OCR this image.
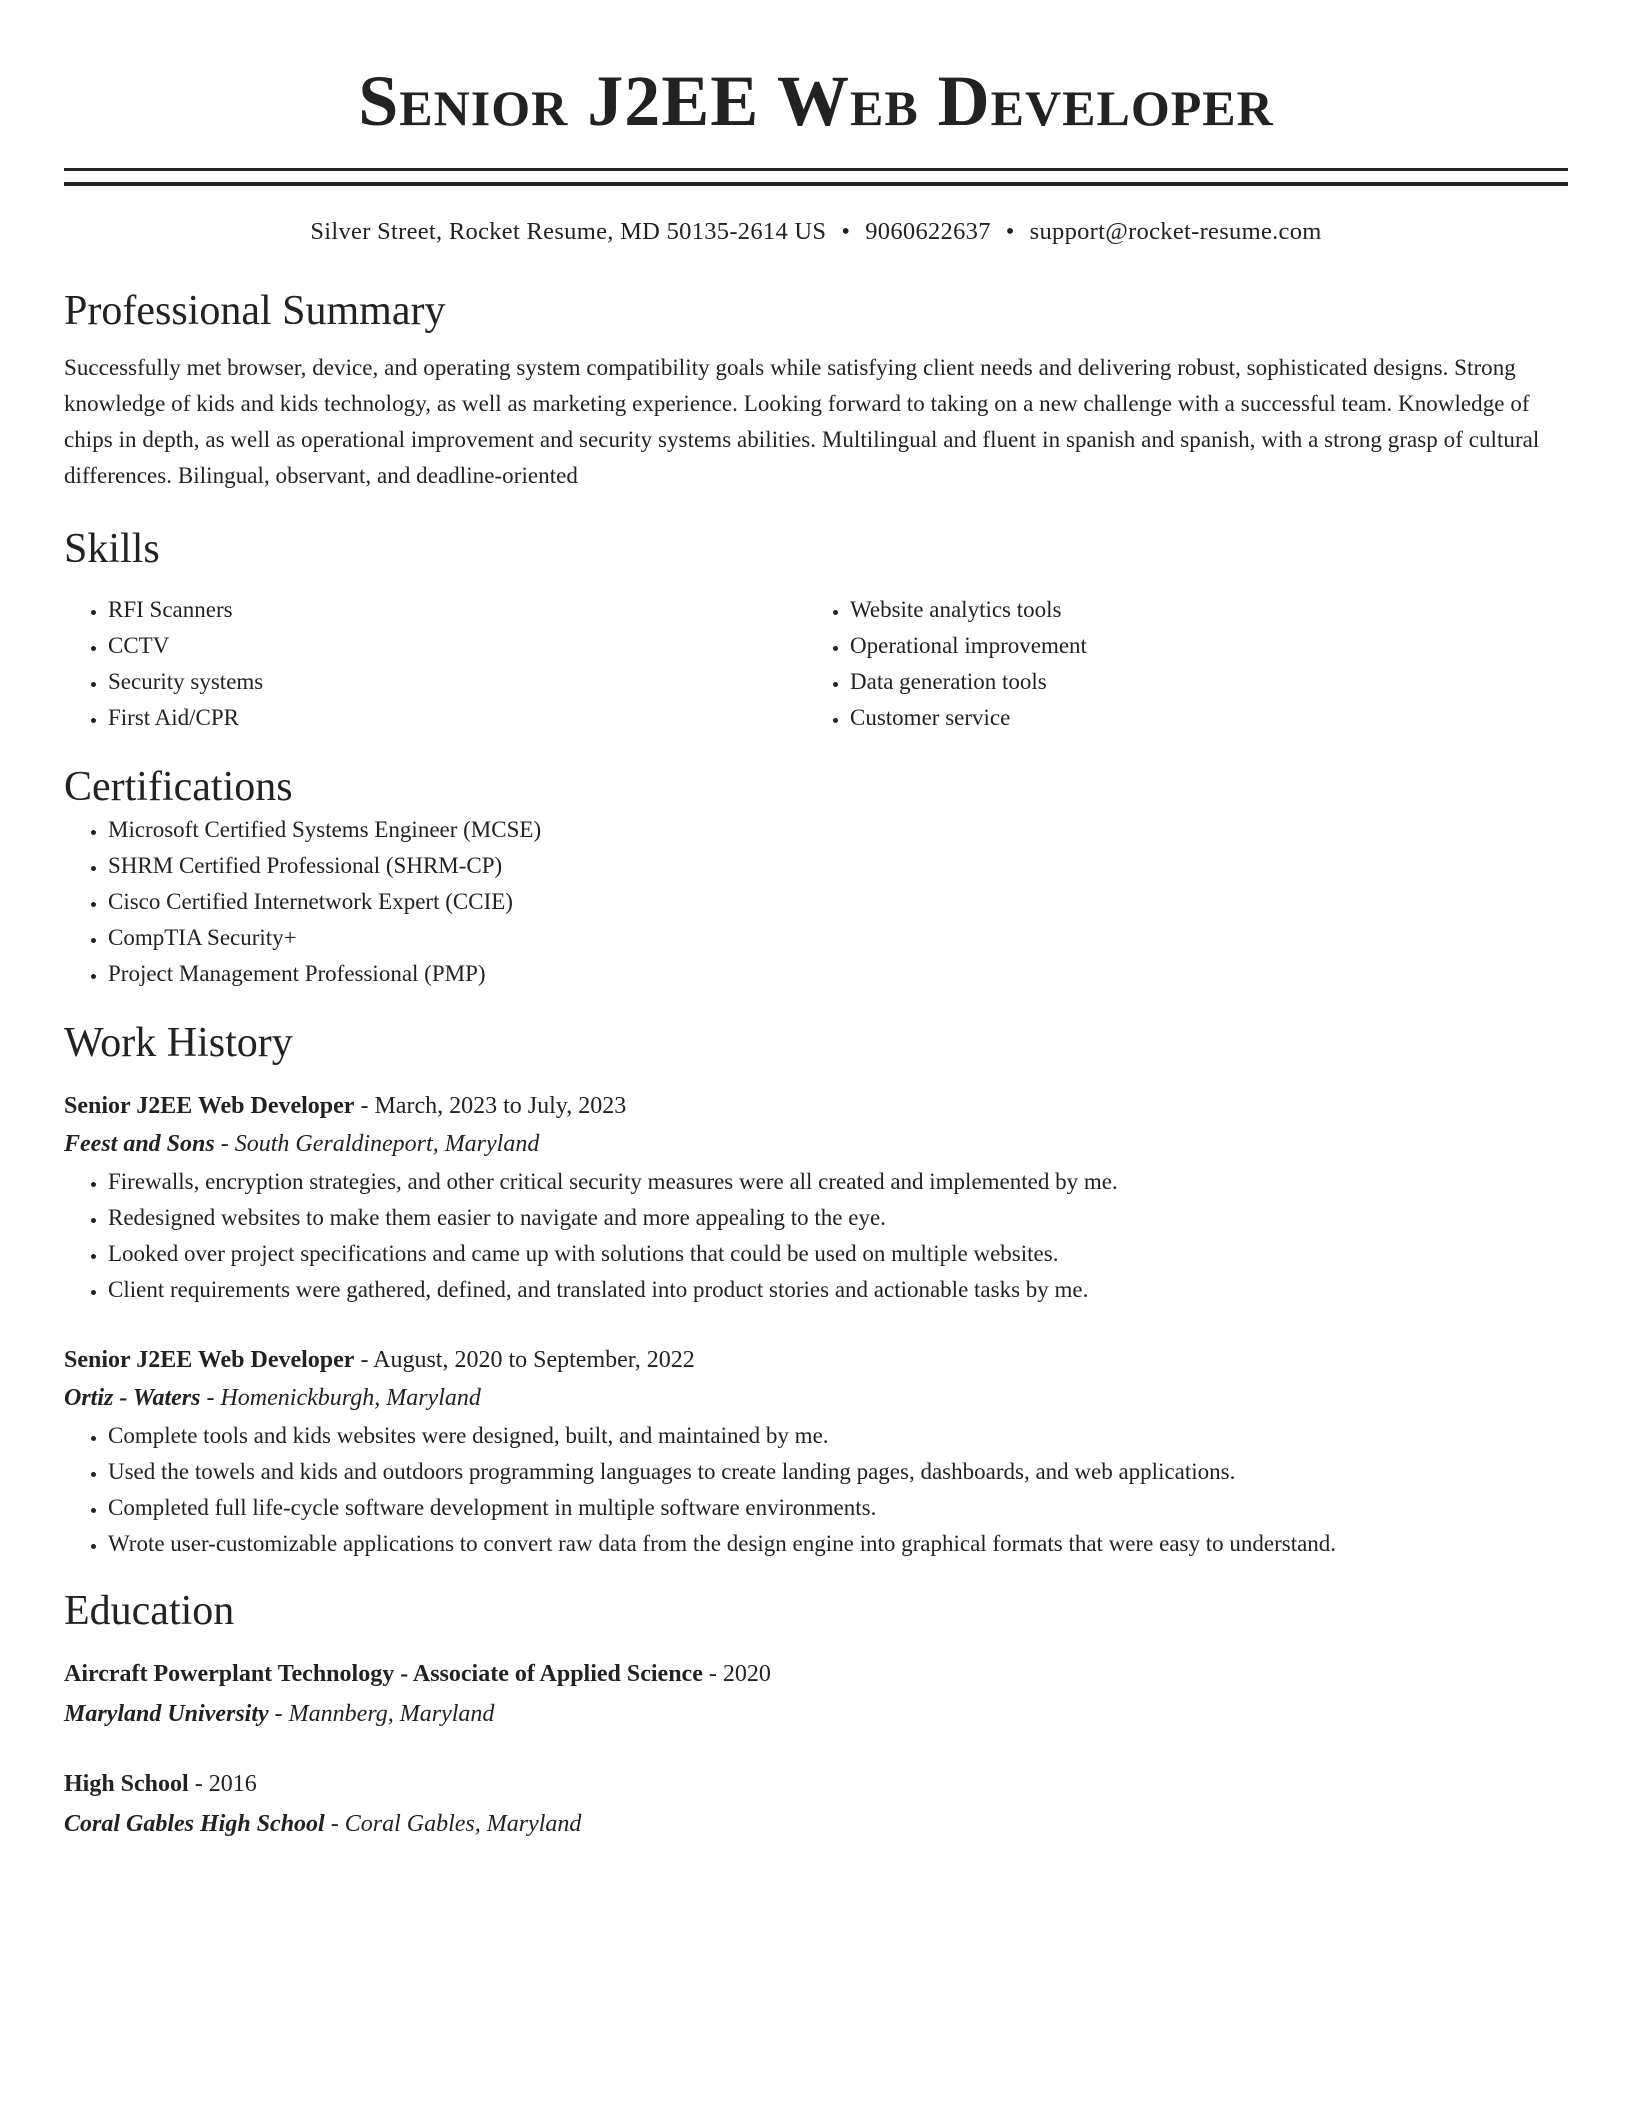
Senior J2EE Web Developer
Silver Street, Rocket Resume, MD 50135-2614 US • 9060622637 • support@rocket-resume.com
Professional Summary
Successfully met browser, device, and operating system compatibility goals while satisfying client needs and delivering robust, sophisticated designs. Strong knowledge of kids and kids technology, as well as marketing experience. Looking forward to taking on a new challenge with a successful team. Knowledge of chips in depth, as well as operational improvement and security systems abilities. Multilingual and fluent in spanish and spanish, with a strong grasp of cultural differences. Bilingual, observant, and deadline-oriented
Skills
• RFI Scanners
• CCTV
• Security systems
• First Aid/CPR
• Website analytics tools
• Operational improvement
• Data generation tools
• Customer service
Certifications
• Microsoft Certified Systems Engineer (MCSE)
• SHRM Certified Professional (SHRM-CP)
• Cisco Certified Internetwork Expert (CCIE)
• CompTIA Security+
• Project Management Professional (PMP)
Work History
Senior J2EE Web Developer - March, 2023 to July, 2023
Feest and Sons - South Geraldineport, Maryland
• Firewalls, encryption strategies, and other critical security measures were all created and implemented by me.
• Redesigned websites to make them easier to navigate and more appealing to the eye.
• Looked over project specifications and came up with solutions that could be used on multiple websites.
• Client requirements were gathered, defined, and translated into product stories and actionable tasks by me.
Senior J2EE Web Developer - August, 2020 to September, 2022
Ortiz - Waters - Homenickburgh, Maryland
• Complete tools and kids websites were designed, built, and maintained by me.
• Used the towels and kids and outdoors programming languages to create landing pages, dashboards, and web applications.
• Completed full life-cycle software development in multiple software environments.
• Wrote user-customizable applications to convert raw data from the design engine into graphical formats that were easy to understand.
Education
Aircraft Powerplant Technology - Associate of Applied Science - 2020
Maryland University - Mannberg, Maryland
High School - 2016
Coral Gables High School - Coral Gables, Maryland
